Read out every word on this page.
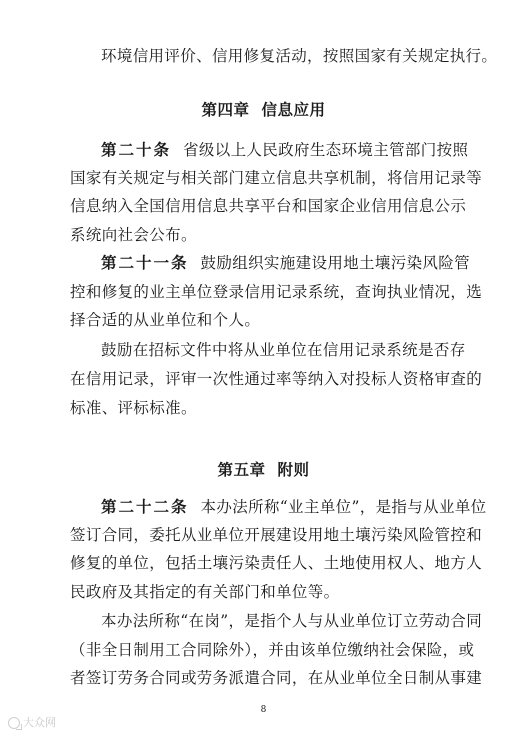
环境信用评价、信用修复活动，按照国家有关规定执行。
第四章 信息应用
第二十条 省级以上人民政府生态环境主管部门按照
国家有关规定与相关部门建立信息共享机制，将信用记录等
信息纳入全国信用信息共享平台和国家企业信用信息公示
系统向社会公布。
第二十一条 鼓励组织实施建设用地土壤污染风险管
控和修复的业主单位登录信用记录系统，查询执业情况，选
择合适的从业单位和个人。
鼓励在招标文件中将从业单位在信用记录系统是否存
在信用记录，评审一次性通过率等纳入对投标人资格审查的
标准、评标标准。
第五章 附则
第二十二条 本办法所称“业主单位”，是指与从业单位
签订合同，委托从业单位开展建设用地土壤污染风险管控和
修复的单位，包括土壤污染责任人、土地使用权人、地方人
民政府及其指定的有关部门和单位等。
本办法所称“在岗”，是指个人与从业单位订立劳动合同
（非全日制用工合同除外），并由该单位缴纳社会保险，或
者签订劳务合同或劳务派遣合同，在从业单位全日制从事建
8
大众网
